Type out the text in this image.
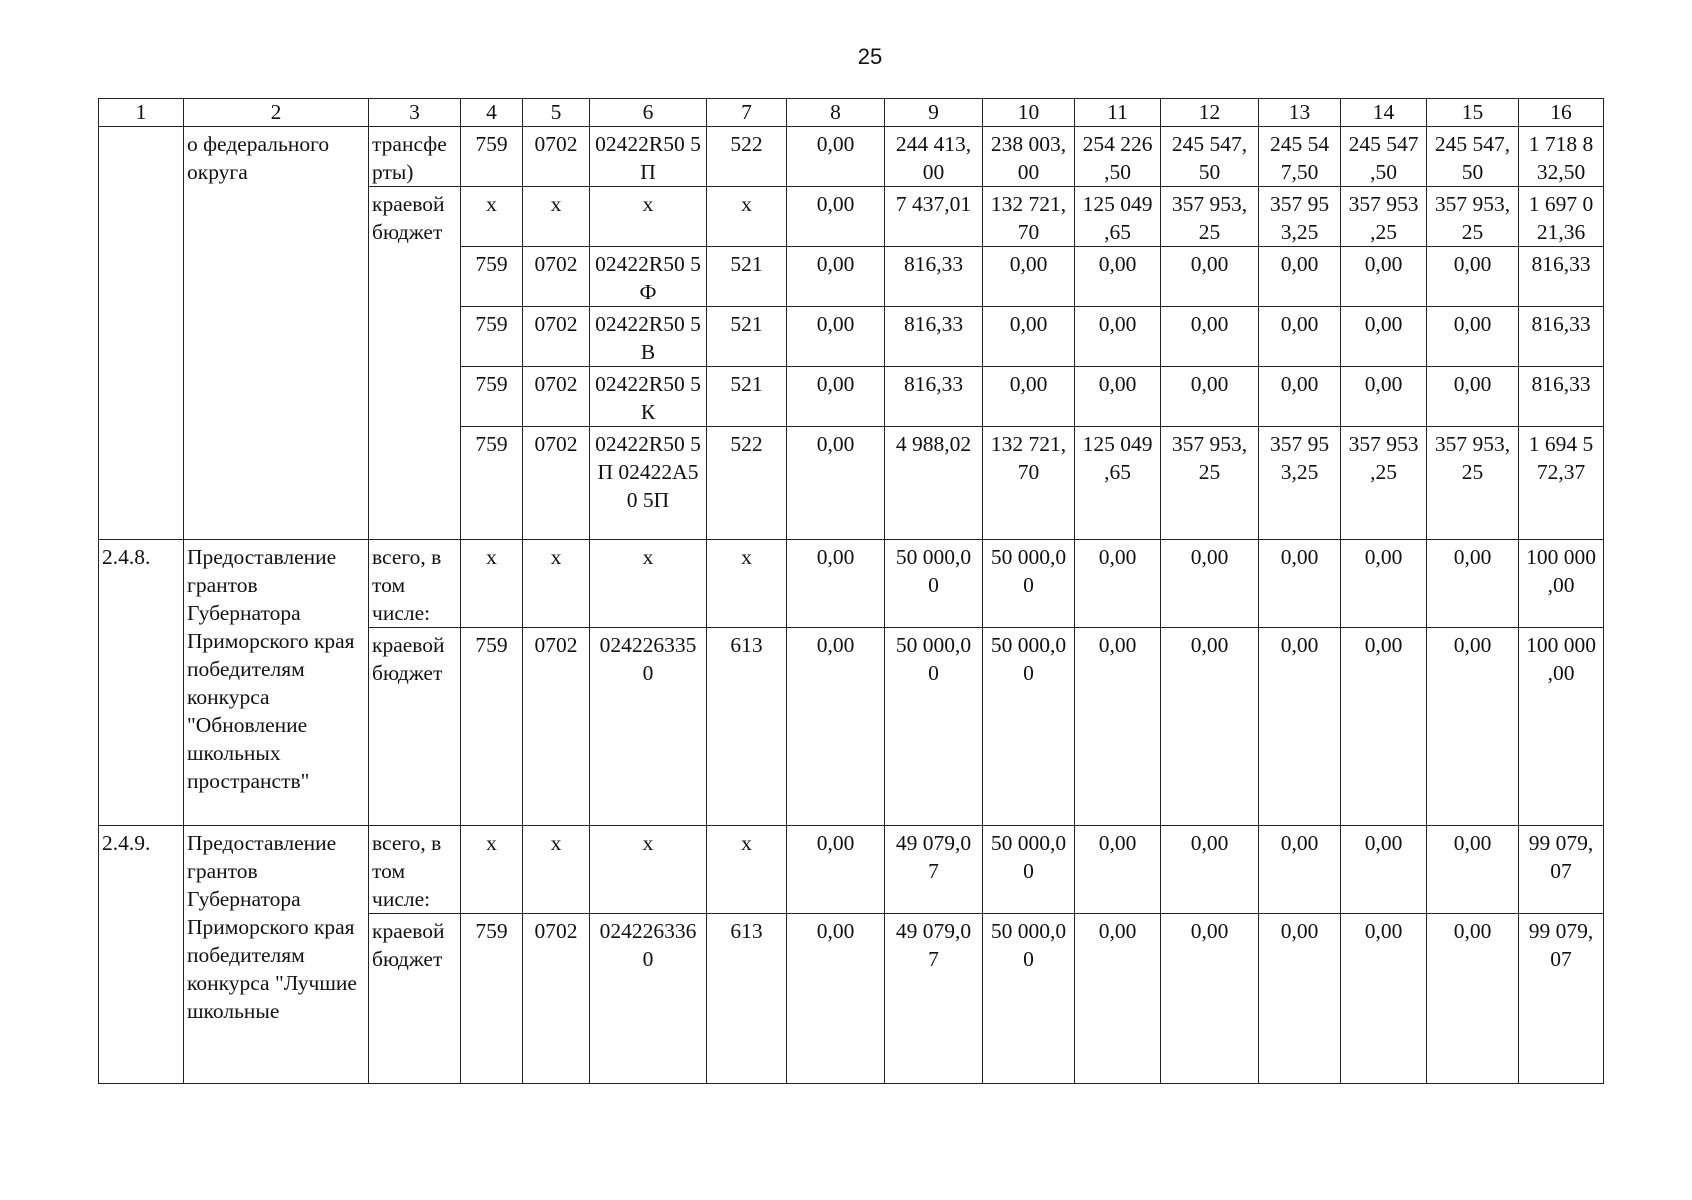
25
1	2	3	4	5	6	7	8	9	10	11	12	13	14	15	16

	о федерального округа	трансфе рты)	759	0702	02422R50 5П	522	0,00	244 413, 00	238 003, 00	254 226 ,50	245 547, 50	245 54 7,50	245 547 ,50	245 547, 50	1 718 8 32,50
		краевой бюджет	х	х	х	х	0,00	7 437,01	132 721, 70	125 049 ,65	357 953, 25	357 95 3,25	357 953 ,25	357 953, 25	1 697 0 21,36
			759	0702	02422R50 5Ф	521	0,00	816,33	0,00	0,00	0,00	0,00	0,00	0,00	816,33
			759	0702	02422R50 5В	521	0,00	816,33	0,00	0,00	0,00	0,00	0,00	0,00	816,33
			759	0702	02422R50 5К	521	0,00	816,33	0,00	0,00	0,00	0,00	0,00	0,00	816,33
			759	0702	02422R50 5П 02422А50 5П	522	0,00	4 988,02	132 721, 70	125 049 ,65	357 953, 25	357 95 3,25	357 953 ,25	357 953, 25	1 694 5 72,37
2.4.8.	Предоставление грантов Губернатора Приморского края победителям конкурса "Обновление школьных пространств"	всего, в том числе:	х	х	х	х	0,00	50 000,0 0	50 000,0 0	0,00	0,00	0,00	0,00	0,00	100 000 ,00
		краевой бюджет	759	0702	024226335 0	613	0,00	50 000,0 0	50 000,0 0	0,00	0,00	0,00	0,00	0,00	100 000 ,00
2.4.9.	Предоставление грантов Губернатора Приморского края победителям конкурса "Лучшие школьные	всего, в том числе:	х	х	х	х	0,00	49 079,0 7	50 000,0 0	0,00	0,00	0,00	0,00	0,00	99 079, 07
		краевой бюджет	759	0702	024226336 0	613	0,00	49 079,0 7	50 000,0 0	0,00	0,00	0,00	0,00	0,00	99 079, 07
